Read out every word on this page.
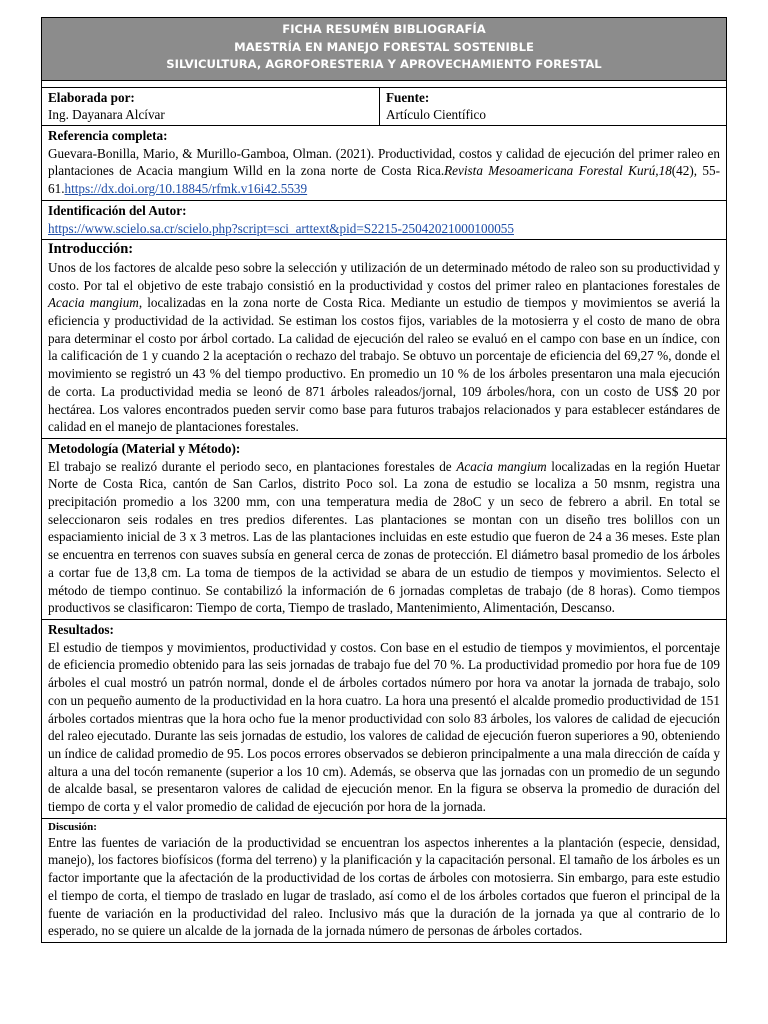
FICHA RESUMÉN BIBLIOGRAFÍA
MAESTRÍA EN MANEJO FORESTAL SOSTENIBLE
SILVICULTURA, AGROFORESTERIA Y APROVECHAMIENTO FORESTAL
Elaborada por:
Ing. Dayanara Alcívar
Fuente:
Artículo Científico
Referencia completa:
Guevara-Bonilla, Mario, & Murillo-Gamboa, Olman. (2021). Productividad, costos y calidad de ejecución del primer raleo en plantaciones de Acacia mangium Willd en la zona norte de Costa Rica.Revista Mesoamericana Forestal Kurú,18(42), 55-61.https://dx.doi.org/10.18845/rfmk.v16i42.5539
Identificación del Autor:
https://www.scielo.sa.cr/scielo.php?script=sci_arttext&pid=S2215-25042021000100055
Introducción:
Unos de los factores de alcalde peso sobre la selección y utilización de un determinado método de raleo son su productividad y costo. Por tal el objetivo de este trabajo consistió en la productividad y costos del primer raleo en plantaciones forestales de Acacia mangium, localizadas en la zona norte de Costa Rica. Mediante un estudio de tiempos y movimientos se averiá la eficiencia y productividad de la actividad. Se estiman los costos fijos, variables de la motosierra y el costo de mano de obra para determinar el costo por árbol cortado. La calidad de ejecución del raleo se evaluó en el campo con base en un índice, con la calificación de 1 y cuando 2 la aceptación o rechazo del trabajo. Se obtuvo un porcentaje de eficiencia del 69,27 %, donde el movimiento se registró un 43 % del tiempo productivo. En promedio un 10 % de los árboles presentaron una mala ejecución de corta. La productividad media se leonó de 871 árboles raleados/jornal, 109 árboles/hora, con un costo de US$ 20 por hectárea. Los valores encontrados pueden servir como base para futuros trabajos relacionados y para establecer estándares de calidad en el manejo de plantaciones forestales.
Metodología (Material y Método):
El trabajo se realizó durante el periodo seco, en plantaciones forestales de Acacia mangium localizadas en la región Huetar Norte de Costa Rica, cantón de San Carlos, distrito Poco sol. La zona de estudio se localiza a 50 msnm, registra una precipitación promedio a los 3200 mm, con una temperatura media de 28oC y un seco de febrero a abril. En total se seleccionaron seis rodales en tres predios diferentes. Las plantaciones se montan con un diseño tres bolillos con un espaciamiento inicial de 3 x 3 metros. Las de las plantaciones incluidas en este estudio que fueron de 24 a 36 meses. Este plan se encuentra en terrenos con suaves subsía en general cerca de zonas de protección. El diámetro basal promedio de los árboles a cortar fue de 13,8 cm. La toma de tiempos de la actividad se abara de un estudio de tiempos y movimientos. Selecto el método de tiempo continuo. Se contabilizó la información de 6 jornadas completas de trabajo (de 8 horas). Como tiempos productivos se clasificaron: Tiempo de corta, Tiempo de traslado, Mantenimiento, Alimentación, Descanso.
Resultados:
El estudio de tiempos y movimientos, productividad y costos. Con base en el estudio de tiempos y movimientos, el porcentaje de eficiencia promedio obtenido para las seis jornadas de trabajo fue del 70 %. La productividad promedio por hora fue de 109 árboles el cual mostró un patrón normal, donde el de árboles cortados número por hora va anotar la jornada de trabajo, solo con un pequeño aumento de la productividad en la hora cuatro. La hora una presentó el alcalde promedio productividad de 151 árboles cortados mientras que la hora ocho fue la menor productividad con solo 83 árboles, los valores de calidad de ejecución del raleo ejecutado. Durante las seis jornadas de estudio, los valores de calidad de ejecución fueron superiores a 90, obteniendo un índice de calidad promedio de 95. Los pocos errores observados se debieron principalmente a una mala dirección de caída y altura a una del tocón remanente (superior a los 10 cm). Además, se observa que las jornadas con un promedio de un segundo de alcalde basal, se presentaron valores de calidad de ejecución menor. En la figura se observa la promedio de duración del tiempo de corta y el valor promedio de calidad de ejecución por hora de la jornada.
Discusión:
Entre las fuentes de variación de la productividad se encuentran los aspectos inherentes a la plantación (especie, densidad, manejo), los factores biofísicos (forma del terreno) y la planificación y la capacitación personal. El tamaño de los árboles es un factor importante que la afectación de la productividad de los cortas de árboles con motosierra. Sin embargo, para este estudio el tiempo de corta, el tiempo de traslado en lugar de traslado, así como el de los árboles cortados que fueron el principal de la fuente de variación en la productividad del raleo. Inclusivo más que la duración de la jornada ya que al contrario de lo esperado, no se quiere un alcalde de la jornada de la jornada número de personas de árboles cortados.
